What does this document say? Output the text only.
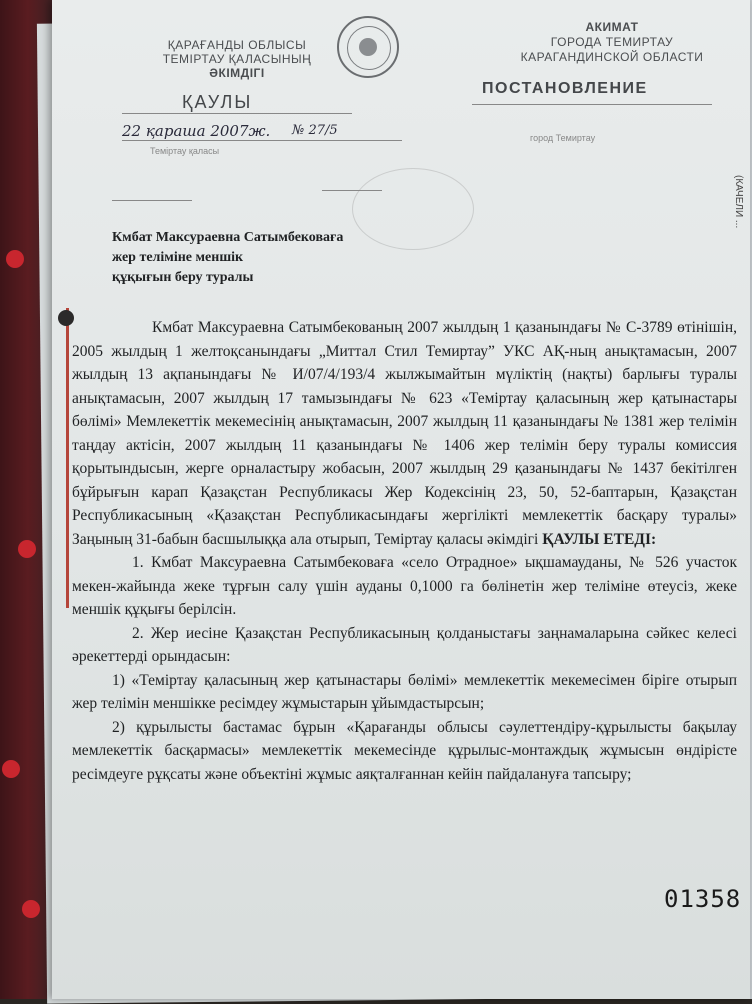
(КАЧЕЛИ ...
ҚАРАҒАНДЫ ОБЛЫСЫ
ТЕМІРТАУ ҚАЛАСЫНЫҢ
ӘКІМДІГІ
АКИМАТ
ГОРОДА ТЕМИРТАУ
КАРАГАНДИНСКОЙ ОБЛАСТИ
ҚАУЛЫ
ПОСТАНОВЛЕНИЕ
22 қараша 2007ж. № 27/5
Теміртау қаласы
город Темиртау
Кмбат Максураевна Сатымбековаға
жер теліміне меншік
құқығын беру туралы

Кмбат Максураевна Сатымбекованың 2007 жылдың 1 қазанындағы № С-3789 өтінішін, 2005 жылдың 1 желтоқсанындағы „Миттал Стил Темиртау” УКС АҚ-ның анықтамасын, 2007 жылдың 13 ақпанындағы № И/07/4/193/4 жылжымайтын мүліктің (нақты) барлығы туралы анықтамасын, 2007 жылдың 17 тамызындағы № 623 «Теміртау қаласының жер қатынастары бөлімі» Мемлекеттік мекемесінің анықтамасын, 2007 жылдың 11 қазанындағы № 1381 жер телімін таңдау актісін, 2007 жылдың 11 қазанындағы № 1406 жер телімін беру туралы комиссия қорытындысын, жерге орналастыру жобасын, 2007 жылдың 29 қазанындағы № 1437 бекітілген бұйрығын карап Қазақстан Республикасы Жер Кодексінің 23, 50, 52-баптарын, Қазақстан Республикасының «Қазақстан Республикасындағы жергілікті мемлекеттік басқару туралы» Заңының 31-бабын басшылыққа ала отырып, Теміртау қаласы әкімдігі ҚАУЛЫ ЕТЕДІ:

1. Кмбат Максураевна Сатымбековаға «село Отрадное» ықшамауданы, № 526 участок мекен-жайында жеке тұрғын салу үшін ауданы 0,1000 га бөлінетін жер теліміне өтеусіз, жеке меншік құқығы берілсін.

2. Жер иесіне Қазақстан Республикасының қолданыстағы заңнамаларына сәйкес келесі әрекеттерді орындасын:

1) «Теміртау қаласының жер қатынастары бөлімі» мемлекеттік мекемесімен біріге отырып жер телімін меншікке ресімдеу жұмыстарын ұйымдастырсын;

2) құрылысты бастамас бұрын «Қарағанды облысы сәулеттендіру-құрылысты бақылау мемлекеттік басқармасы» мемлекеттік мекемесінде құрылыс-монтаждық жұмысын өндірісте ресімдеуге рұқсаты және объектіні жұмыс аяқталғаннан кейін пайдалануға тапсыру;

01358
